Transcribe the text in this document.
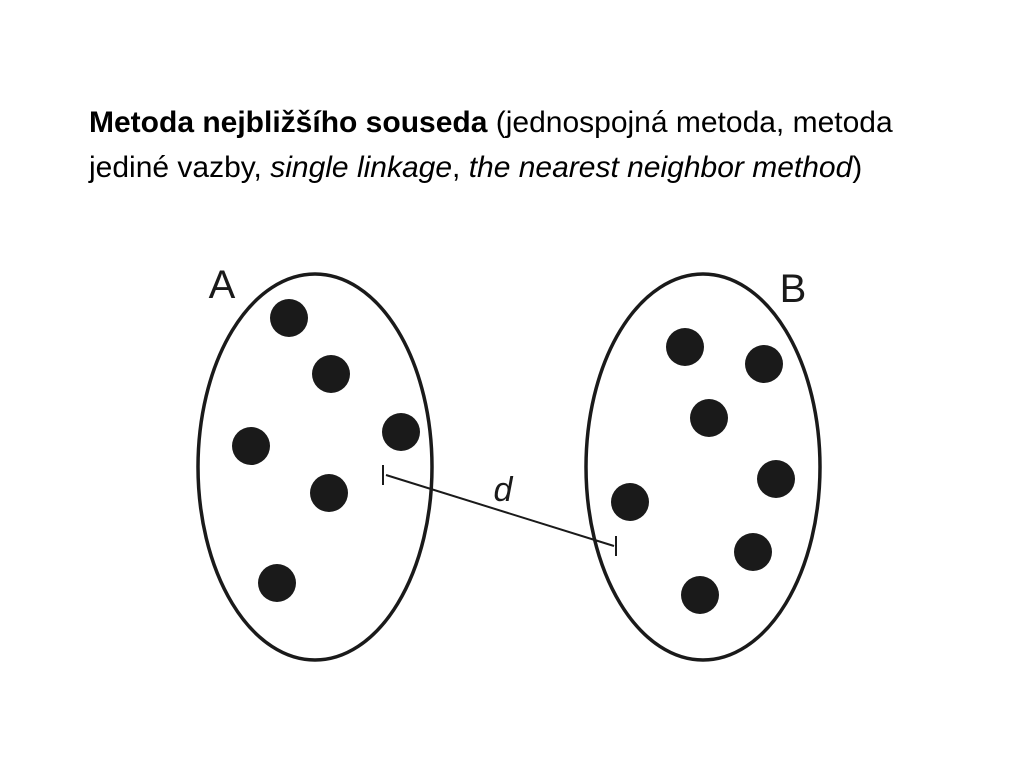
Metoda nejbližšího souseda (jednospojná metoda, metoda jediné vazby, single linkage, the nearest neighbor method)

A	B
d
